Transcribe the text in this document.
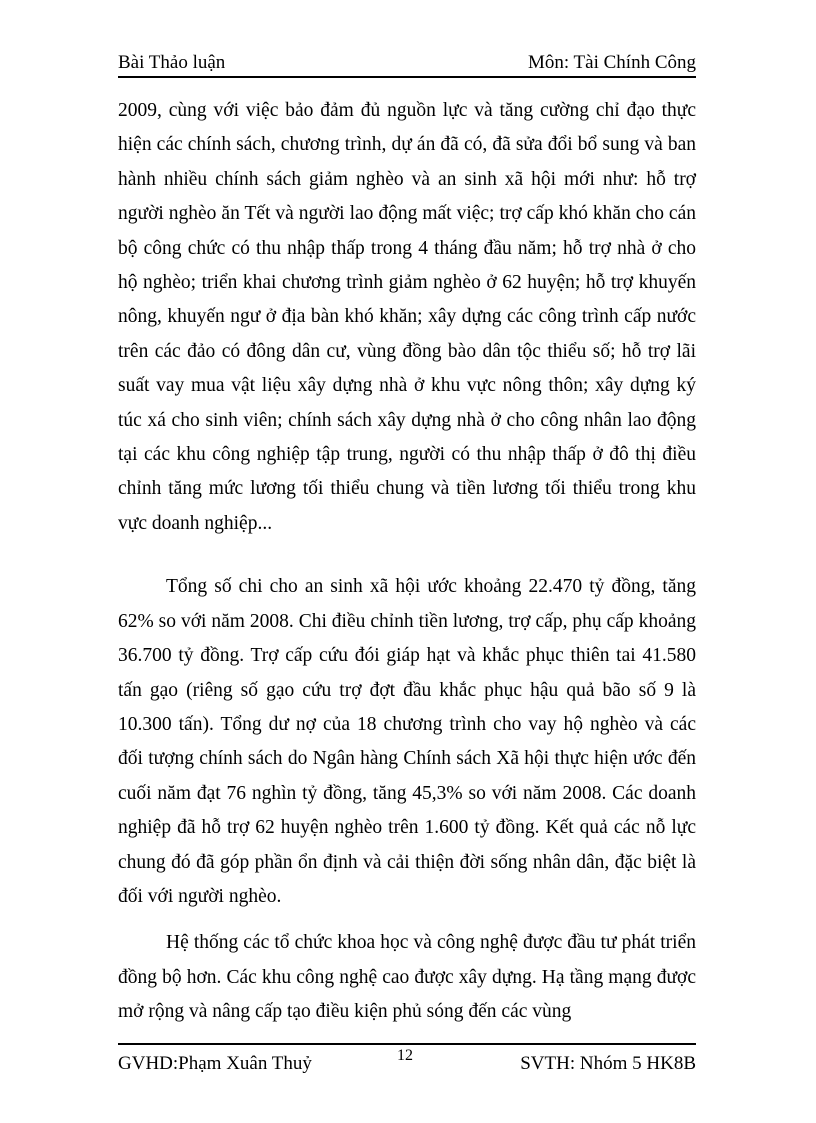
Bài Thảo luận	Môn: Tài Chính Công

2009, cùng với việc bảo đảm đủ nguồn lực và tăng cường chỉ đạo thực hiện các chính sách, chương trình, dự án đã có, đã sửa đổi bổ sung và ban hành nhiều chính sách giảm nghèo và an sinh xã hội mới như: hỗ trợ người nghèo ăn Tết và người lao động mất việc; trợ cấp khó khăn cho cán bộ công chức có thu nhập thấp trong 4 tháng đầu năm; hỗ trợ nhà ở cho hộ nghèo; triển khai chương trình giảm nghèo ở 62 huyện; hỗ trợ khuyến nông, khuyến ngư ở địa bàn khó khăn; xây dựng các công trình cấp nước trên các đảo có đông dân cư, vùng đồng bào dân tộc thiểu số; hỗ trợ lãi suất vay mua vật liệu xây dựng nhà ở khu vực nông thôn; xây dựng ký túc xá cho sinh viên; chính sách xây dựng nhà ở cho công nhân lao động tại các khu công nghiệp tập trung, người có thu nhập thấp ở đô thị điều chỉnh tăng mức lương tối thiểu chung và tiền lương tối thiểu trong khu vực doanh nghiệp...

Tổng số chi cho an sinh xã hội ước khoảng 22.470 tỷ đồng, tăng 62% so với năm 2008. Chi điều chỉnh tiền lương, trợ cấp, phụ cấp khoảng 36.700 tỷ đồng. Trợ cấp cứu đói giáp hạt và khắc phục thiên tai 41.580 tấn gạo (riêng số gạo cứu trợ đợt đầu khắc phục hậu quả bão số 9 là 10.300 tấn). Tổng dư nợ của 18 chương trình cho vay hộ nghèo và các đối tượng chính sách do Ngân hàng Chính sách Xã hội thực hiện ước đến cuối năm đạt 76 nghìn tỷ đồng, tăng 45,3% so với năm 2008. Các doanh nghiệp đã hỗ trợ 62 huyện nghèo trên 1.600 tỷ đồng. Kết quả các nỗ lực chung đó đã góp phần ổn định và cải thiện đời sống nhân dân, đặc biệt là đối với người nghèo.

Hệ thống các tổ chức khoa học và công nghệ được đầu tư phát triển đồng bộ hơn. Các khu công nghệ cao được xây dựng. Hạ tầng mạng được mở rộng và nâng cấp tạo điều kiện phủ sóng đến các vùng

GVHD:Phạm Xuân Thuỷ	12	SVTH: Nhóm 5 HK8B
